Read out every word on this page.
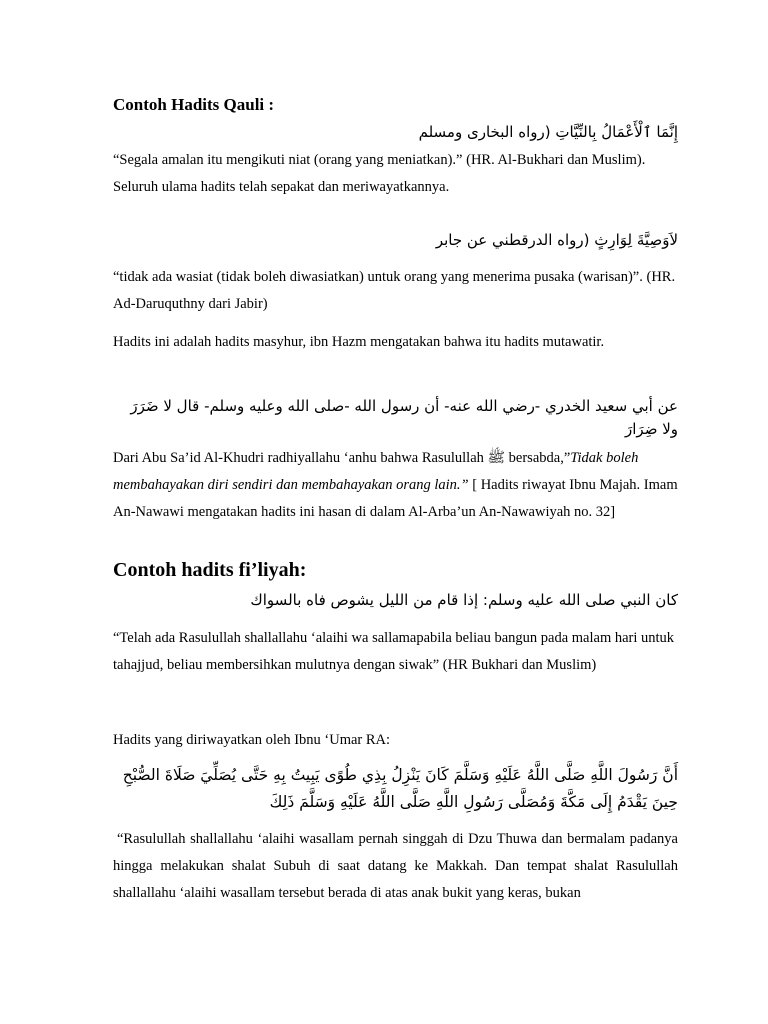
Contoh Hadits Qauli :
إِنَّمَا ٱلْأَعْمَالُ بِالنِّيَّاتِ (رواه البخارى ومسلم
“Segala amalan itu mengikuti niat (orang yang meniatkan).” (HR. Al-Bukhari dan Muslim).
Seluruh ulama hadits telah sepakat dan meriwayatkannya.
لاَوَصِيَّةَ لِوَارِثٍ (رواه الدرقطني عن جابر
“tidak ada wasiat (tidak boleh diwasiatkan) untuk orang yang menerima pusaka (warisan)”. (HR. Ad-Daruquthny dari Jabir)
Hadits ini adalah hadits masyhur, ibn Hazm mengatakan bahwa itu hadits mutawatir.
عن أبي سعيد الخدري -رضي الله عنه- أن رسول الله -صلى الله وعليه وسلم- قال لا ضَرَرَ ولا ضِرَارَ
Dari Abu Sa’id Al-Khudri radhiyallahu ‘anhu bahwa Rasulullah ﷺ bersabda,”Tidak boleh membahayakan diri sendiri dan membahayakan orang lain.” [ Hadits riwayat Ibnu Majah. Imam An-Nawawi mengatakan hadits ini hasan di dalam Al-Arba’un An-Nawawiyah no. 32]
Contoh hadits fi’liyah:
كان النبي صلى الله عليه وسلم: إذا قام من الليل يشوص فاه بالسواك
“Telah ada Rasulullah shallallahu ‘alaihi wa sallamapabila beliau bangun pada malam hari untuk tahajjud, beliau membersihkan mulutnya dengan siwak” (HR Bukhari dan Muslim)
Hadits yang diriwayatkan oleh Ibnu ‘Umar RA:
أَنَّ رَسُولَ اللَّهِ صَلَّى اللَّهُ عَلَيْهِ وَسَلَّمَ كَانَ يَنْزِلُ بِذِي طُوًى يَبِيتُ بِهِ حَتَّى يُصَلِّيَ صَلَاةَ الصُّبْحِ حِينَ يَقْدَمُ إِلَى مَكَّةَ وَمُصَلَّى رَسُولِ اللَّهِ صَلَّى اللَّهُ عَلَيْهِ وَسَلَّمَ ذَلِكَ
“Rasulullah shallallahu ‘alaihi wasallam pernah singgah di Dzu Thuwa dan bermalam padanya hingga melakukan shalat Subuh di saat datang ke Makkah. Dan tempat shalat Rasulullah shallallahu ‘alaihi wasallam tersebut berada di atas anak bukit yang keras, bukan
